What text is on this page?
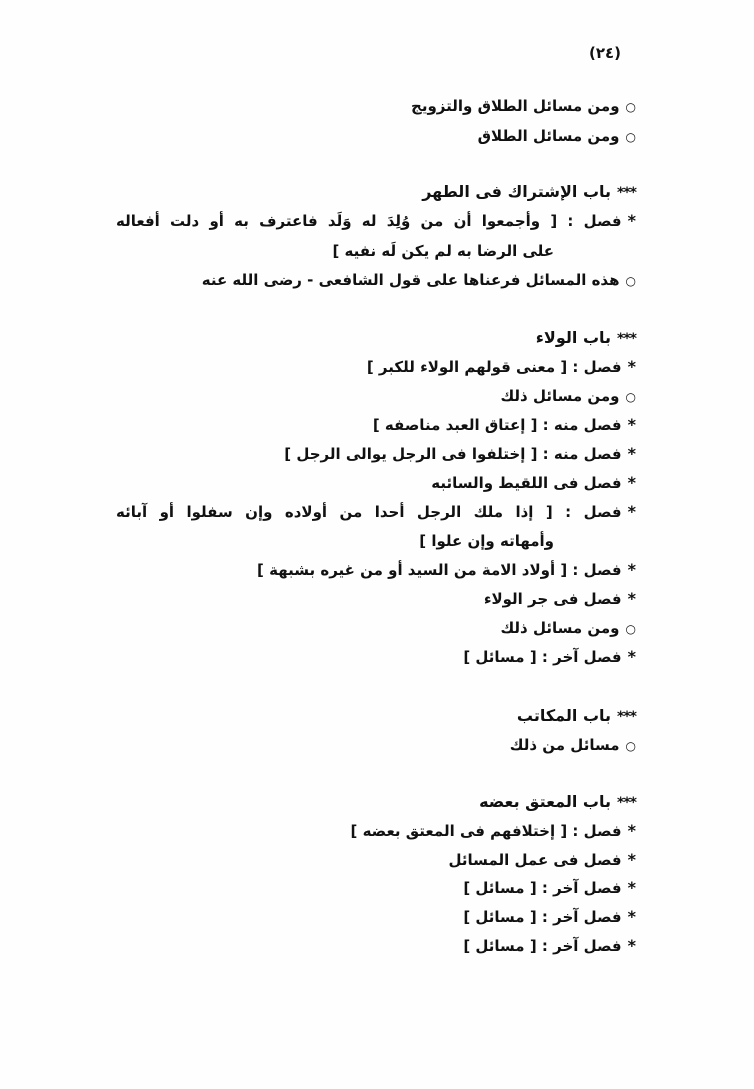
(٢٤)
○ومن مسائل الطلاق والتزويج
○ومن مسائل الطلاق
***باب الإشتراك فى الطهر
*فصل : [ وأجمعوا أن من وُلِدَ له وَلَد فاعترف به أو دلت أفعاله
على الرضا به لم يكن لَه نفيه ]
○هذه المسائل فرعناها على قول الشافعى - رضى الله عنه
***باب الولاء
*فصل : [ معنى قولهم الولاء للكبر ]
○ومن مسائل ذلك
*فصل منه : [ إعتاق العبد مناصفه ]
*فصل منه : [ إختلفوا فى الرجل يوالى الرجل ]
*فصل فى اللقيط والسائبه
*فصل : [ إذا ملك الرجل أحدا من أولاده وإن سفلوا أو آبائه
وأمهاته وإن علوا ]
*فصل : [ أولاد الامة من السيد أو من غيره بشبهة ]
*فصل فى جر الولاء
○ومن مسائل ذلك
*فصل آخر : [ مسائل ]
***باب المكاتب
○مسائل من ذلك
***باب المعتق بعضه
*فصل : [ إختلافهم فى المعتق بعضه ]
*فصل فى عمل المسائل
*فصل آخر : [ مسائل ]
*فصل آخر : [ مسائل ]
*فصل آخر : [ مسائل ]
